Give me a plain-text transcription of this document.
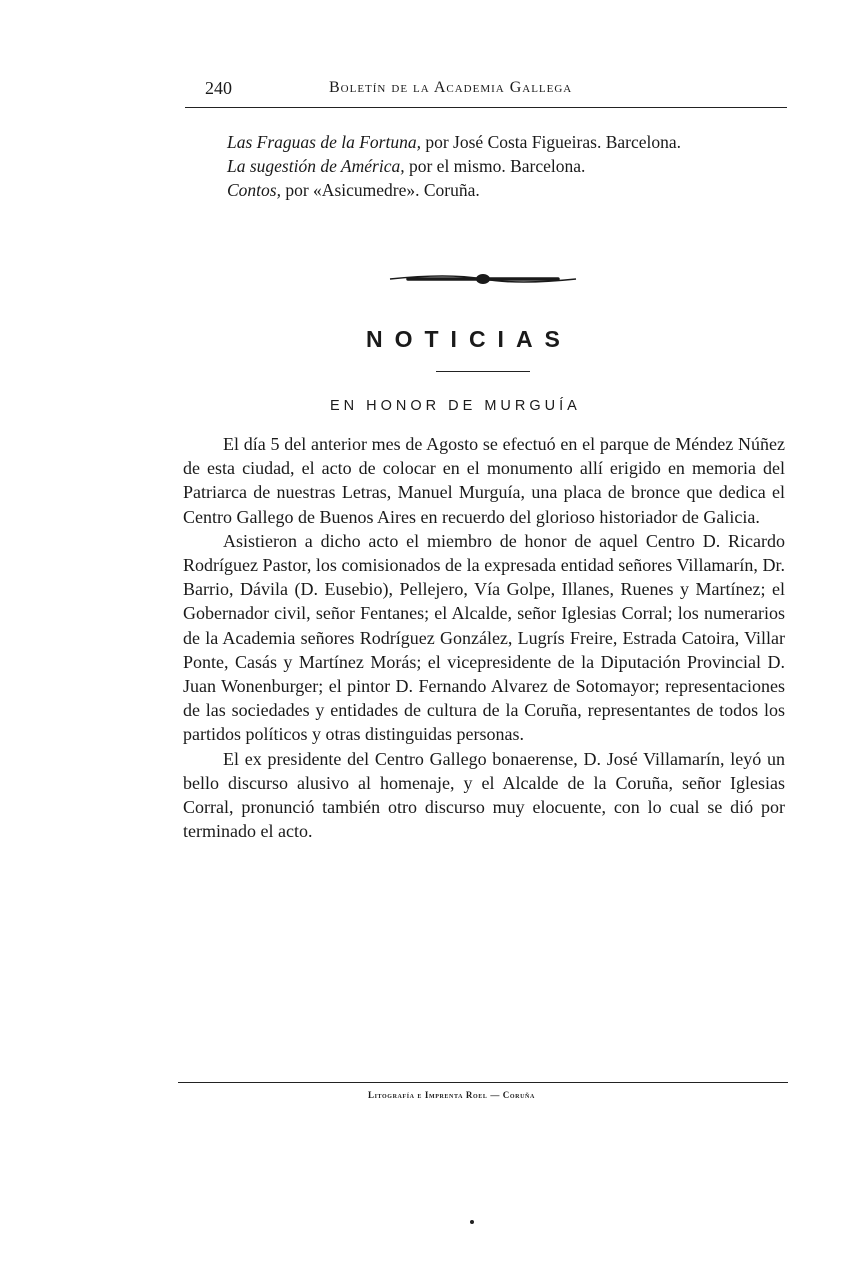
240	Boletín de la Academia Gallega

Las Fraguas de la Fortuna, por José Costa Figueiras. Barcelona.

La sugestión de América, por el mismo. Barcelona.

Contos, por «Asicumedre». Coruña.

NOTICIAS
EN HONOR DE MURGUÍA

El día 5 del anterior mes de Agosto se efectuó en el parque de Méndez Núñez de esta ciudad, el acto de colocar en el monumento allí erigido en memoria del Patriarca de nuestras Letras, Manuel Murguía, una placa de bronce que dedica el Centro Gallego de Buenos Aires en recuerdo del glorioso historiador de Galicia.

Asistieron a dicho acto el miembro de honor de aquel Centro D. Ricardo Rodríguez Pastor, los comisionados de la expresada entidad señores Villamarín, Dr. Barrio, Dávila (D. Eusebio), Pellejero, Vía Golpe, Illanes, Ruenes y Martínez; el Gobernador civil, señor Fentanes; el Alcalde, señor Iglesias Corral; los numerarios de la Academia señores Rodríguez González, Lugrís Freire, Estrada Catoira, Villar Ponte, Casás y Martínez Morás; el vicepresidente de la Diputación Provincial D. Juan Wonenburger; el pintor D. Fernando Alvarez de Sotomayor; representaciones de las sociedades y entidades de cultura de la Coruña, representantes de todos los partidos políticos y otras distinguidas personas.

El ex presidente del Centro Gallego bonaerense, D. José Villamarín, leyó un bello discurso alusivo al homenaje, y el Alcalde de la Coruña, señor Iglesias Corral, pronunció también otro discurso muy elocuente, con lo cual se dió por terminado el acto.

Litografía e Imprenta Roel — Coruña
